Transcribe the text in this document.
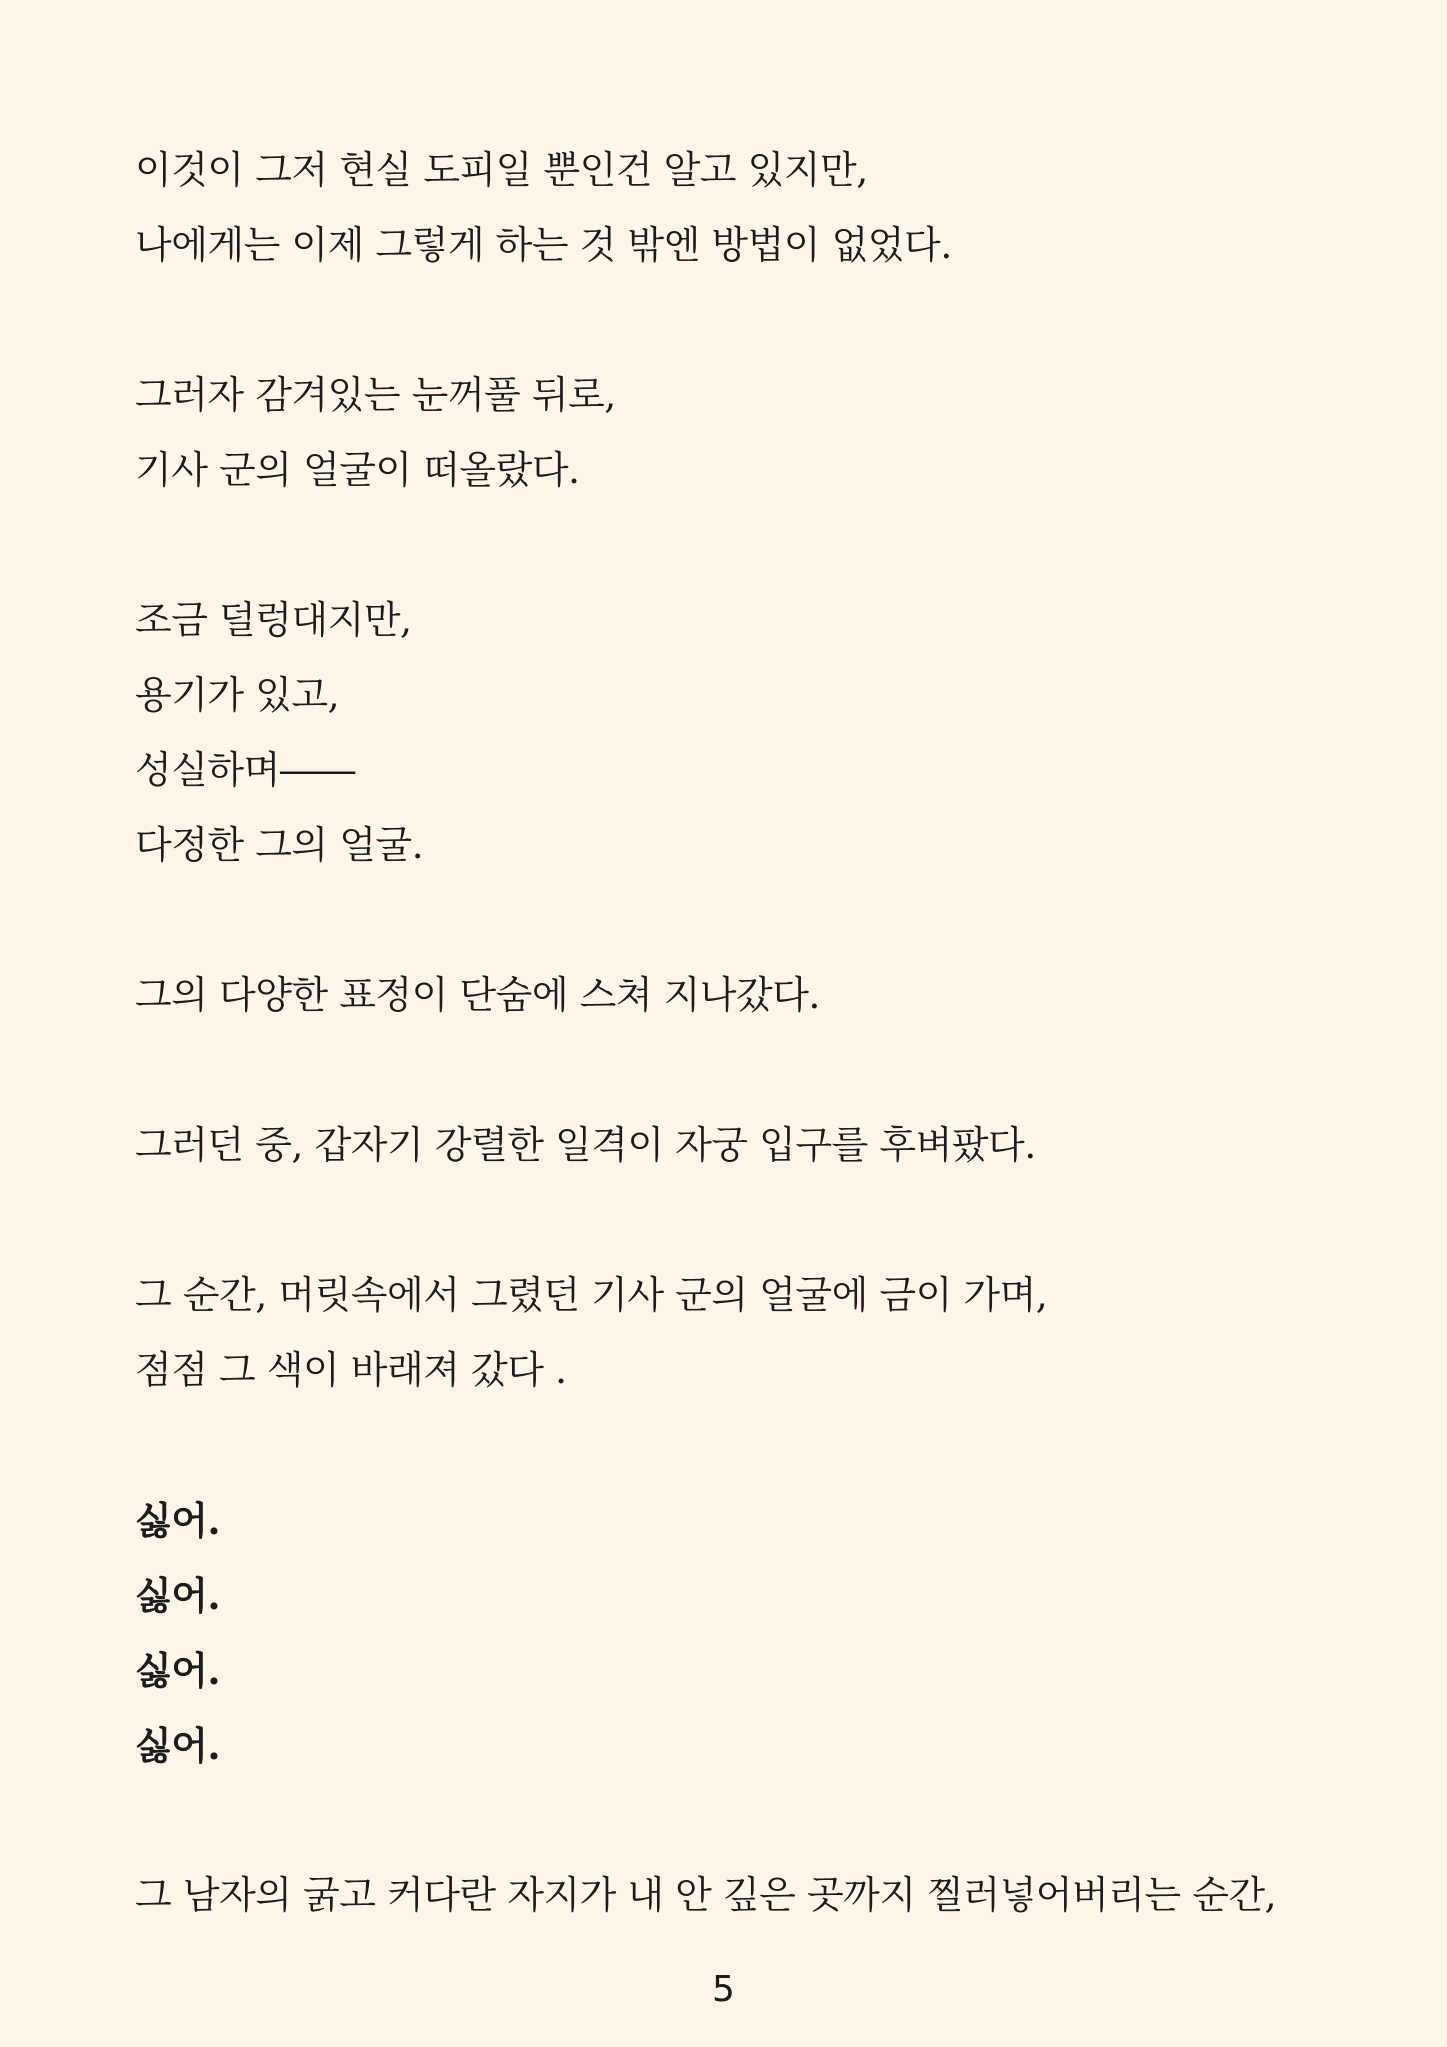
이것이 그저 현실 도피일 뿐인건 알고 있지만,
나에게는 이제 그렇게 하는 것 밖엔 방법이 없었다.
그러자 감겨있는 눈꺼풀 뒤로,
기사 군의 얼굴이 떠올랐다.
조금 덜렁대지만,
용기가 있고,
성실하며――
다정한 그의 얼굴.
그의 다양한 표정이 단숨에 스쳐 지나갔다.
그러던 중, 갑자기 강렬한 일격이 자궁 입구를 후벼팠다.
그 순간, 머릿속에서 그렸던 기사 군의 얼굴에 금이 가며,
점점 그 색이 바래져 갔다 .
싫어.
싫어.
싫어.
싫어.
그 남자의 굵고 커다란 자지가 내 안 깊은 곳까지 찔러넣어버리는 순간,
5
